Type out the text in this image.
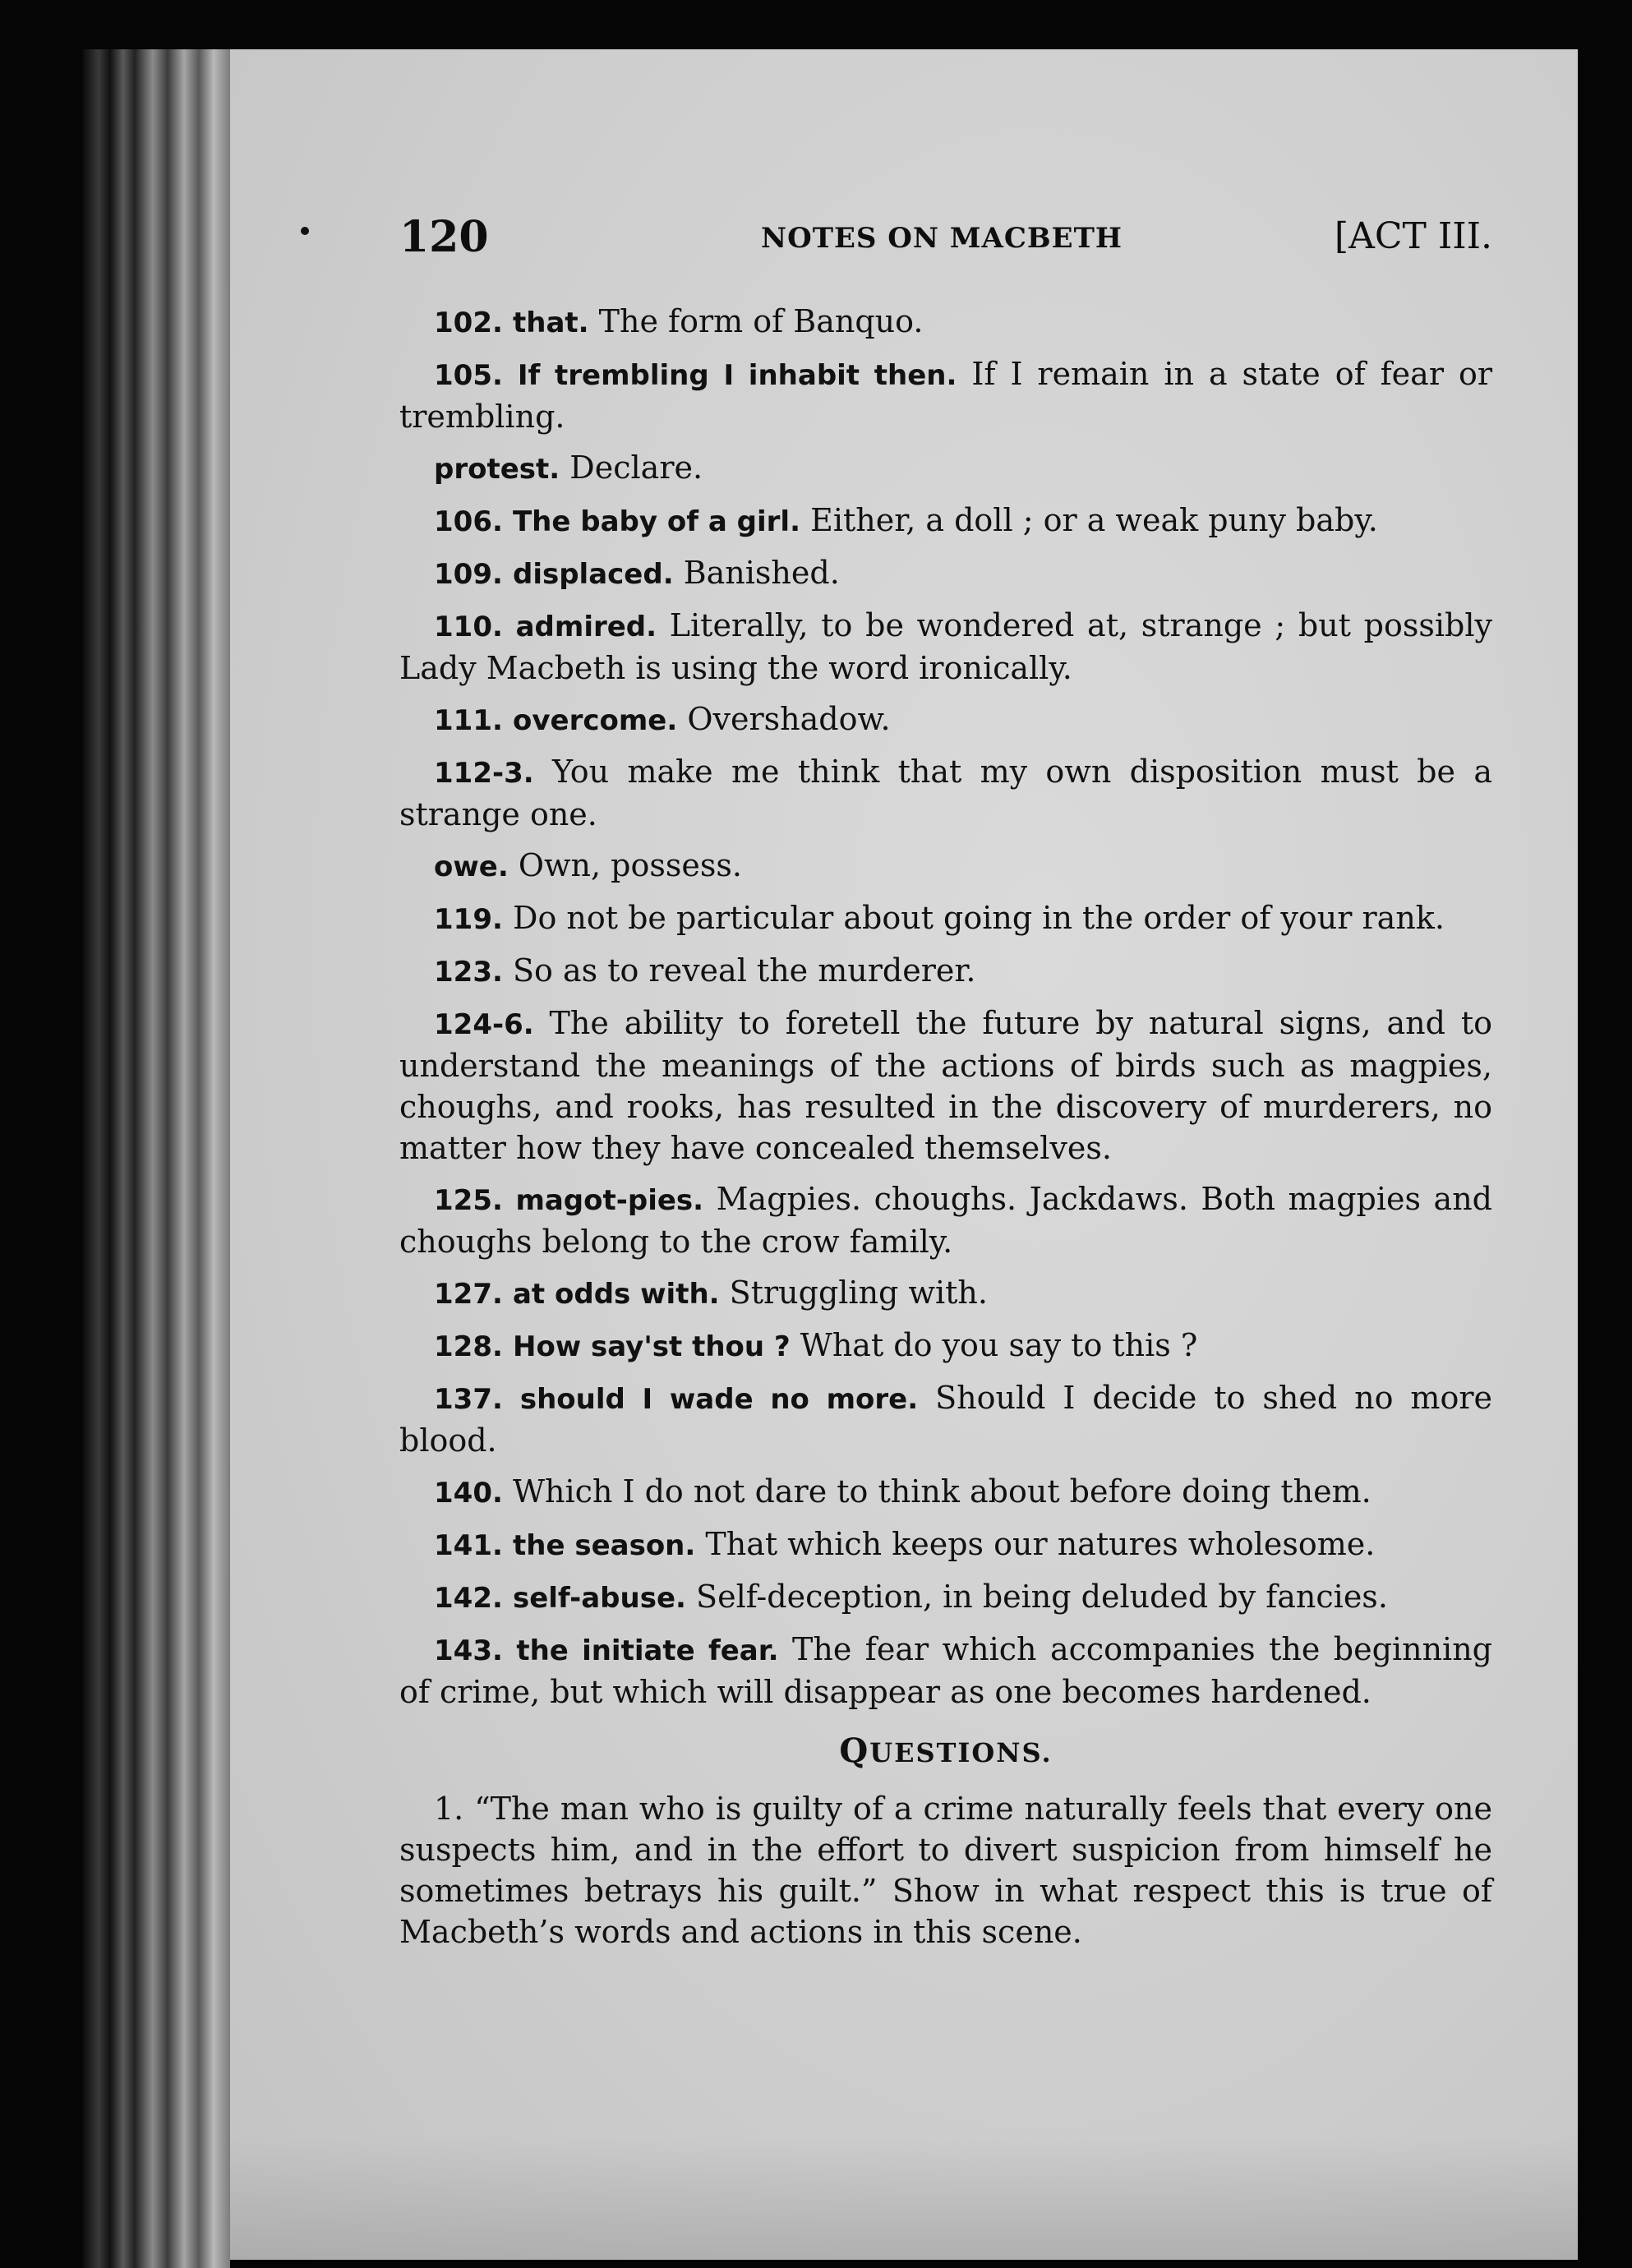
120	NOTES ON MACBETH	[ACT III.

102. that. The form of Banquo.

105. If trembling I inhabit then. If I remain in a state of fear or trembling.

protest. Declare.

106. The baby of a girl. Either, a doll ; or a weak puny baby.

109. displaced. Banished.

110. admired. Literally, to be wondered at, strange ; but possibly Lady Macbeth is using the word ironically.

111. overcome. Overshadow.

112-3. You make me think that my own disposition must be a strange one.

owe. Own, possess.

119. Do not be particular about going in the order of your rank.

123. So as to reveal the murderer.

124-6. The ability to foretell the future by natural signs, and to understand the meanings of the actions of birds such as magpies, choughs, and rooks, has resulted in the discovery of murderers, no matter how they have concealed themselves.

125. magot-pies. Magpies. choughs. Jackdaws. Both magpies and choughs belong to the crow family.

127. at odds with. Struggling with.

128. How say'st thou ? What do you say to this ?

137. should I wade no more. Should I decide to shed no more blood.

140. Which I do not dare to think about before doing them.

141. the season. That which keeps our natures wholesome.

142. self-abuse. Self-deception, in being deluded by fancies.

143. the initiate fear. The fear which accompanies the beginning of crime, but which will disappear as one becomes hardened.

QUESTIONS.

1. “The man who is guilty of a crime naturally feels that every one suspects him, and in the effort to divert suspicion from himself he sometimes betrays his guilt.” Show in what respect this is true of Macbeth’s words and actions in this scene.
